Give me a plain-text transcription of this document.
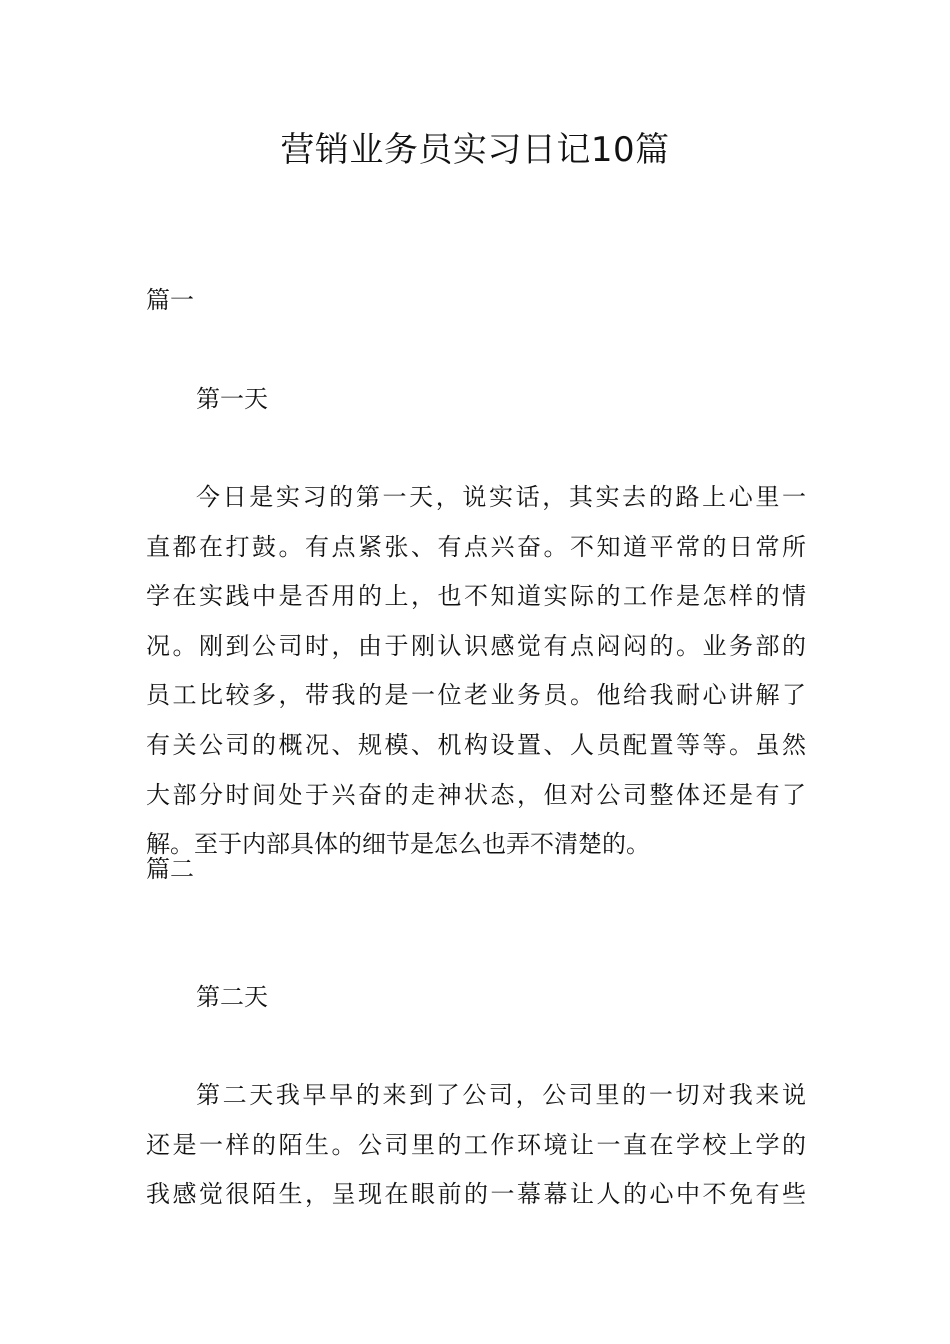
营销业务员实习日记10篇
篇一
第一天
今日是实习的第一天，说实话，其实去的路上心里一
直都在打鼓。有点紧张、有点兴奋。不知道平常的日常所
学在实践中是否用的上，也不知道实际的工作是怎样的情
况。刚到公司时，由于刚认识感觉有点闷闷的。业务部的
员工比较多，带我的是一位老业务员。他给我耐心讲解了
有关公司的概况、规模、机构设置、人员配置等等。虽然
大部分时间处于兴奋的走神状态，但对公司整体还是有了
解。至于内部具体的细节是怎么也弄不清楚的。
篇二
第二天
第二天我早早的来到了公司，公司里的一切对我来说
还是一样的陌生。公司里的工作环境让一直在学校上学的
我感觉很陌生，呈现在眼前的一幕幕让人的心中不免有些
